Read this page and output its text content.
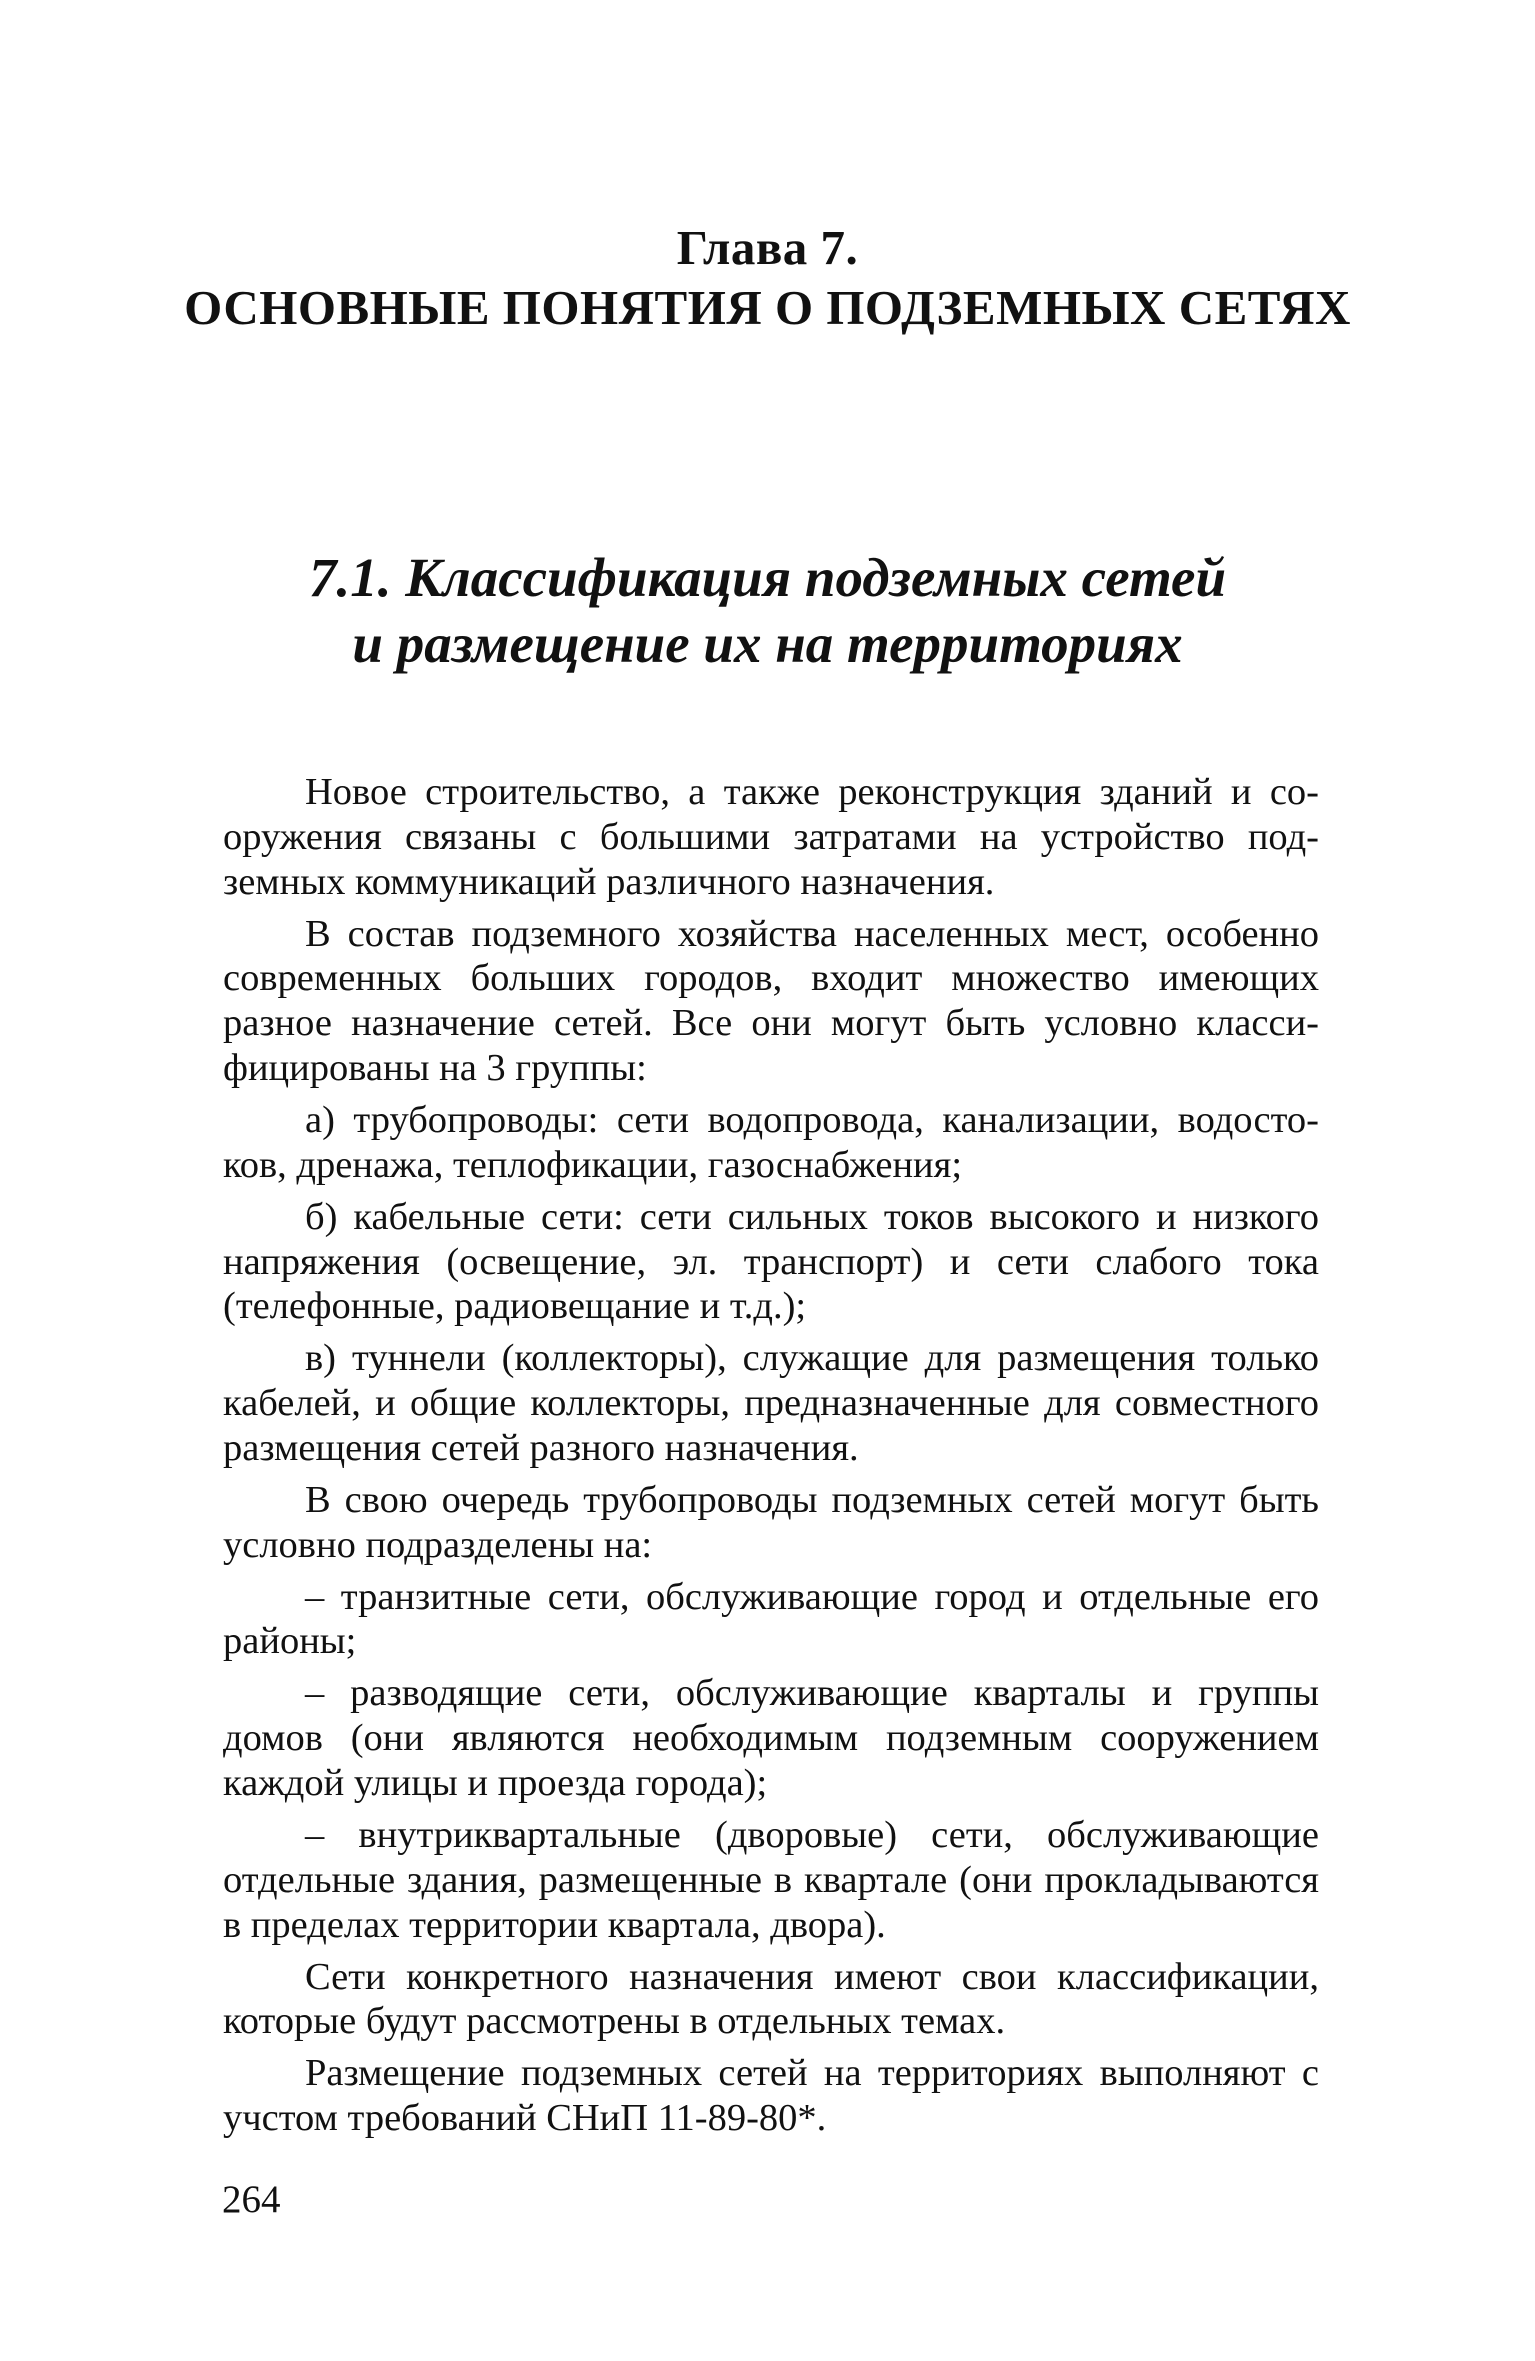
Глава 7.
ОСНОВНЫЕ ПОНЯТИЯ О ПОДЗЕМНЫХ СЕТЯХ
7.1. Классификация подземных сетей
и размещение их на территориях

Новое строительство, а также реконструкция зданий и сооружения связаны с большими затратами на устройство подземных коммуникаций различного назначения.

В состав подземного хозяйства населенных мест, особенно современных больших городов, входит множество имеющих разное назначение сетей. Все они могут быть условно классифицированы на 3 группы:

а) трубопроводы: сети водопровода, канализации, водостоков, дренажа, теплофикации, газоснабжения;

б) кабельные сети: сети сильных токов высокого и низкого напряжения (освещение, эл. транспорт) и сети слабого тока (телефонные, радиовещание и т.д.);

в) туннели (коллекторы), служащие для размещения только кабелей, и общие коллекторы, предназначенные для совместного размещения сетей разного назначения.

В свою очередь трубопроводы подземных сетей могут быть условно подразделены на:

– транзитные сети, обслуживающие город и отдельные его районы;

– разводящие сети, обслуживающие кварталы и группы домов (они являются необходимым подземным сооружением каждой улицы и проезда города);

– внутриквартальные (дворовые) сети, обслуживающие отдельные здания, размещенные в квартале (они прокладываются в пределах территории квартала, двора).

Сети конкретного назначения имеют свои классификации, которые будут рассмотрены в отдельных темах.

Размещение подземных сетей на территориях выполняют с учстом требований СНиП 11-89-80*.

264
